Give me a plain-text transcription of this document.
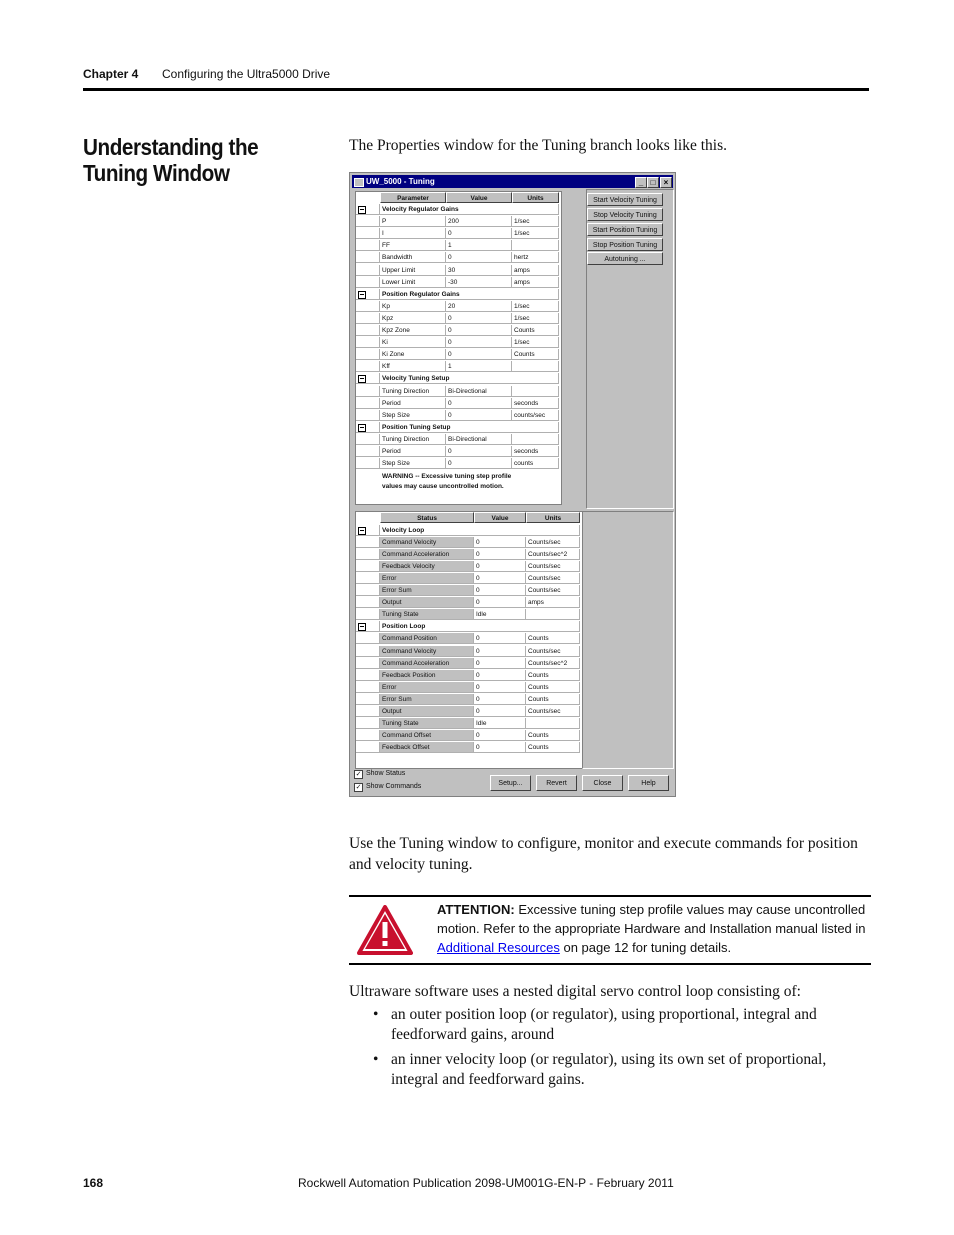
Chapter 4 Configuring the Ultra5000 Drive
Understanding the Tuning Window
The Properties window for the Tuning branch looks like this.
UW_5000 - Tuning	_ □	×
Parameter	Value	Units
Velocity Regulator Gains
P	200	1/sec
I	0	1/sec
FF	1
Bandwidth	0	hertz
Upper Limit	30	amps
Lower Limit	-30	amps
Position Regulator Gains
Kp	20	1/sec
Kpz	0	1/sec
Kpz Zone	0	Counts
Ki	0	1/sec
Ki Zone	0	Counts
Kff	1
Velocity Tuning Setup
Tuning Direction	Bi-Directional
Period	0	seconds
Step Size	0	counts/sec
Position Tuning Setup
Tuning Direction	Bi-Directional
Period	0	seconds
Step Size	0	counts
WARNING -- Excessive tuning step profile
values may cause uncontrolled motion.
Start Velocity Tuning
Stop Velocity Tuning
Start Position Tuning
Stop Position Tuning
Autotuning ...
Status	Value	Units
Velocity Loop
Command Velocity	0	Counts/sec
Command Acceleration	0	Counts/sec^2
Feedback Velocity	0	Counts/sec
Error	0	Counts/sec
Error Sum	0	Counts/sec
Output	0	amps
Tuning State	Idle
Position Loop
Command Position	0	Counts
Command Velocity	0	Counts/sec
Command Acceleration	0	Counts/sec^2
Feedback Position	0	Counts
Error	0	Counts
Error Sum	0	Counts
Output	0	Counts/sec
Tuning State	Idle
Command Offset	0	Counts
Feedback Offset	0	Counts
✓ Show Status
✓ Show Commands	Setup...	Revert	Close	Help
Use the Tuning window to configure, monitor and execute commands for position and velocity tuning.
ATTENTION: Excessive tuning step profile values may cause uncontrolled motion. Refer to the appropriate Hardware and Installation manual listed in Additional Resources on page 12 for tuning details.
Ultraware software uses a nested digital servo control loop consisting of:
• an outer position loop (or regulator), using proportional, integral and feedforward gains, around
• an inner velocity loop (or regulator), using its own set of proportional, integral and feedforward gains.
168	Rockwell Automation Publication 2098-UM001G-EN-P - February 2011
